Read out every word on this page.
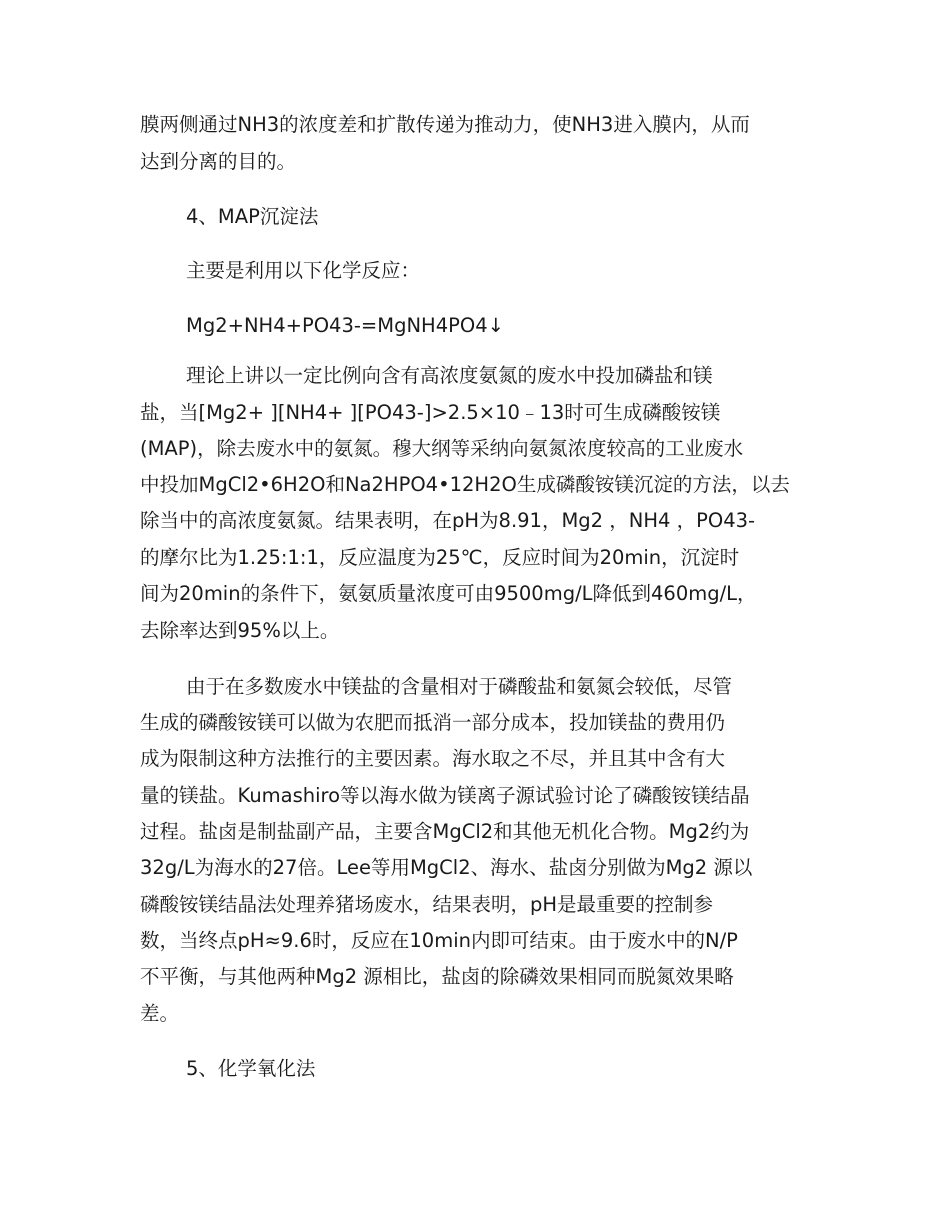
膜两侧通过NH3的浓度差和扩散传递为推动力，使NH3进入膜内，从而

达到分离的目的。

4、MAP沉淀法

主要是利用以下化学反应：

Mg2+NH4+PO43-=MgNH4PO4↓

理论上讲以一定比例向含有高浓度氨氮的废水中投加磷盐和镁

盐，当[Mg2+ ][NH4+ ][PO43-]>2.5×10﹣13时可生成磷酸铵镁

(MAP)，除去废水中的氨氮。穆大纲等采纳向氨氮浓度较高的工业废水

中投加MgCl2•6H2O和Na2HPO4•12H2O生成磷酸铵镁沉淀的方法，以去

除当中的高浓度氨氮。结果表明，在pH为8.91，Mg2 ，NH4 ，PO43-

的摩尔比为1.25:1:1，反应温度为25℃，反应时间为20min，沉淀时

间为20min的条件下，氨氨质量浓度可由9500mg/L降低到460mg/L，

去除率达到95%以上。

由于在多数废水中镁盐的含量相对于磷酸盐和氨氮会较低，尽管

生成的磷酸铵镁可以做为农肥而抵消一部分成本，投加镁盐的费用仍

成为限制这种方法推行的主要因素。海水取之不尽，并且其中含有大

量的镁盐。Kumashiro等以海水做为镁离子源试验讨论了磷酸铵镁结晶

过程。盐卤是制盐副产品，主要含MgCl2和其他无机化合物。Mg2约为

32g/L为海水的27倍。Lee等用MgCl2、海水、盐卤分别做为Mg2 源以

磷酸铵镁结晶法处理养猪场废水，结果表明，pH是最重要的控制参

数，当终点pH≈9.6时，反应在10min内即可结束。由于废水中的N/P

不平衡，与其他两种Mg2 源相比，盐卤的除磷效果相同而脱氮效果略

差。

5、化学氧化法
